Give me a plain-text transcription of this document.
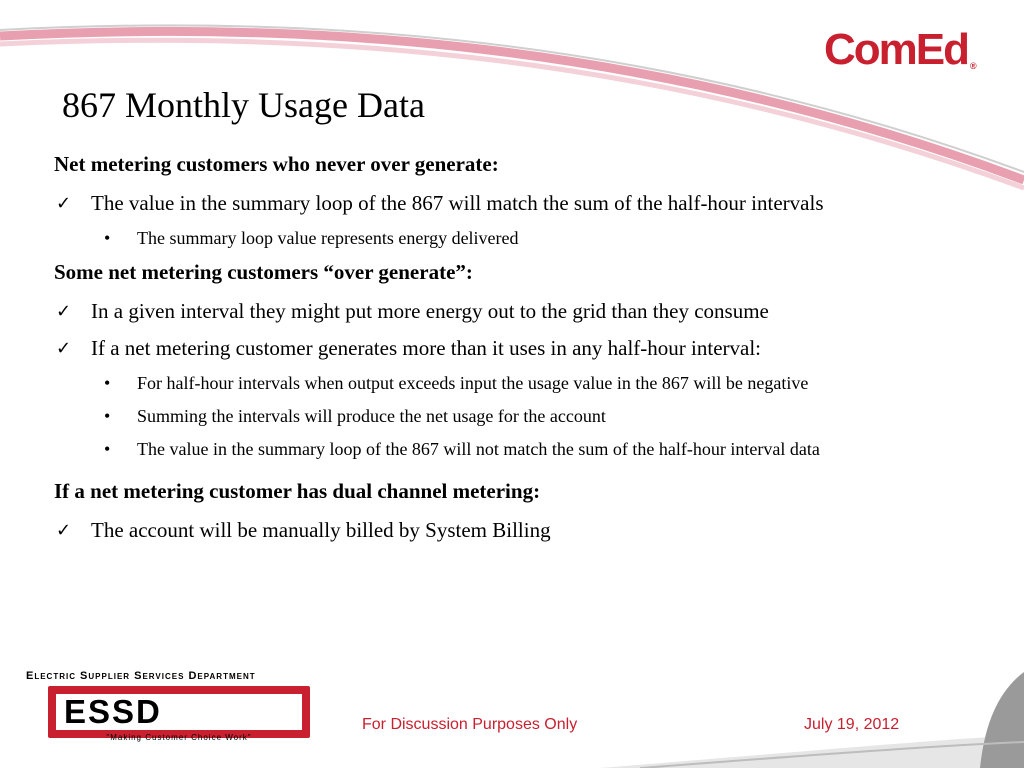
ComEd ®
867 Monthly Usage Data

Net metering customers who never over generate:

✓ The value in the summary loop of the 867 will match the sum of the half-hour intervals
• The summary loop value represents energy delivered

Some net metering customers “over generate”:

✓ In a given interval they might put more energy out to the grid than they consume
✓ If a net metering customer generates more than it uses in any half-hour interval:
• For half-hour intervals when output exceeds input the usage value in the 867 will be negative
• Summing the intervals will produce the net usage for the account
• The value in the summary loop of the 867 will not match the sum of the half-hour interval data

If a net metering customer has dual channel metering:

✓ The account will be manually billed by System Billing
Electric Supplier Services Department
ESSD
"Making Customer Choice Work"
For Discussion Purposes Only	July 19, 2012
